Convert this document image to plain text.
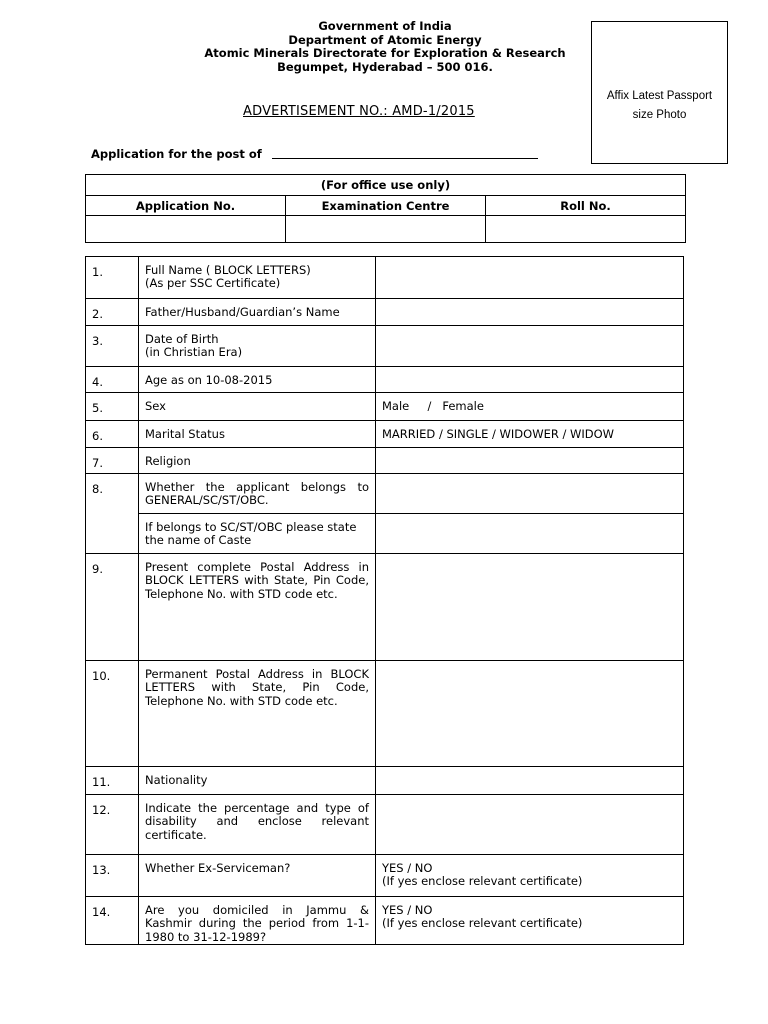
Government of India
Department of Atomic Energy
Atomic Minerals Directorate for Exploration & Research
Begumpet, Hyderabad – 500 016.
Affix Latest Passport
size Photo
ADVERTISEMENT NO.: AMD-1/2015
Application for the post of
(For office use only)		
Application No.	Examination Centre	Roll No.

1.	Full Name ( BLOCK LETTERS)
(As per SSC Certificate)	

2.	Father/Husband/Guardian’s Name	
3.	Date of Birth
(in Christian Era)	

4.	Age as on 10-08-2015	
5.	Sex	Male     /   Female
6.	Marital Status	MARRIED / SINGLE / WIDOWER / WIDOW
7.	Religion	
8.	Whether the applicant belongs to GENERAL/SC/ST/OBC.	
	If belongs to SC/ST/OBC please state the name of Caste	
9.	Present complete Postal Address in BLOCK LETTERS with State, Pin Code, Telephone No. with STD code etc.	
10.	Permanent Postal Address in BLOCK LETTERS with State, Pin Code, Telephone No. with STD code etc.	
11.	Nationality	
12.	Indicate the percentage and type of disability and enclose relevant certificate.	
13.	Whether Ex-Serviceman?	YES / NO
(If yes enclose relevant certificate)

14.	Are you domiciled in Jammu & Kashmir during the period from 1-1-1980 to 31-12-1989?	YES / NO
(If yes enclose relevant certificate)
